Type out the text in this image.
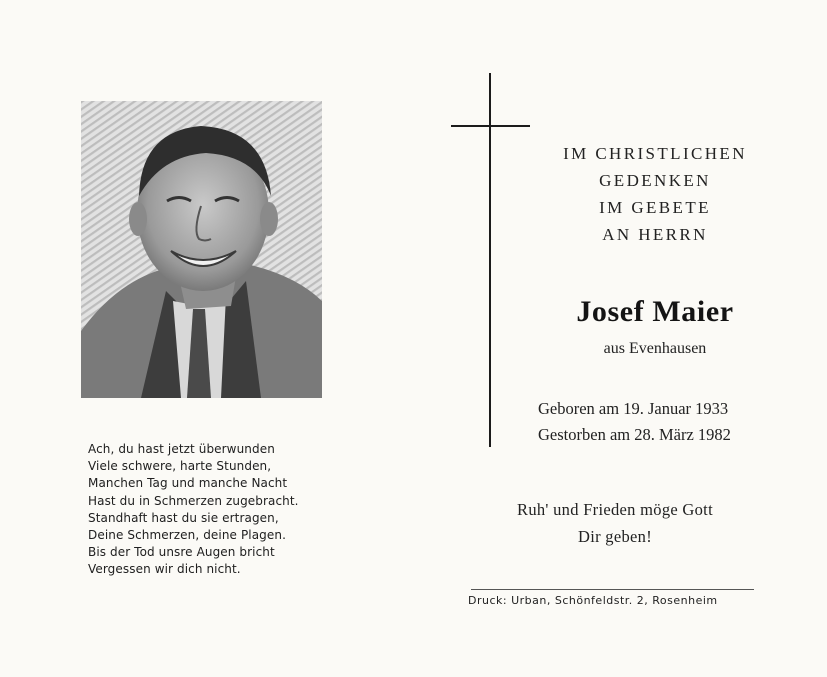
Ach, du hast jetzt überwunden
Viele schwere, harte Stunden,
Manchen Tag und manche Nacht
Hast du in Schmerzen zugebracht.
Standhaft hast du sie ertragen,
Deine Schmerzen, deine Plagen.
Bis der Tod unsre Augen bricht
Vergessen wir dich nicht.
IM CHRISTLICHEN
GEDENKEN
IM GEBETE
AN HERRN
Josef Maier
aus Evenhausen
Geboren am 19. Januar 1933
Gestorben am 28. März 1982
Ruh' und Frieden möge Gott
Dir geben!
Druck: Urban, Schönfeldstr. 2, Rosenheim
